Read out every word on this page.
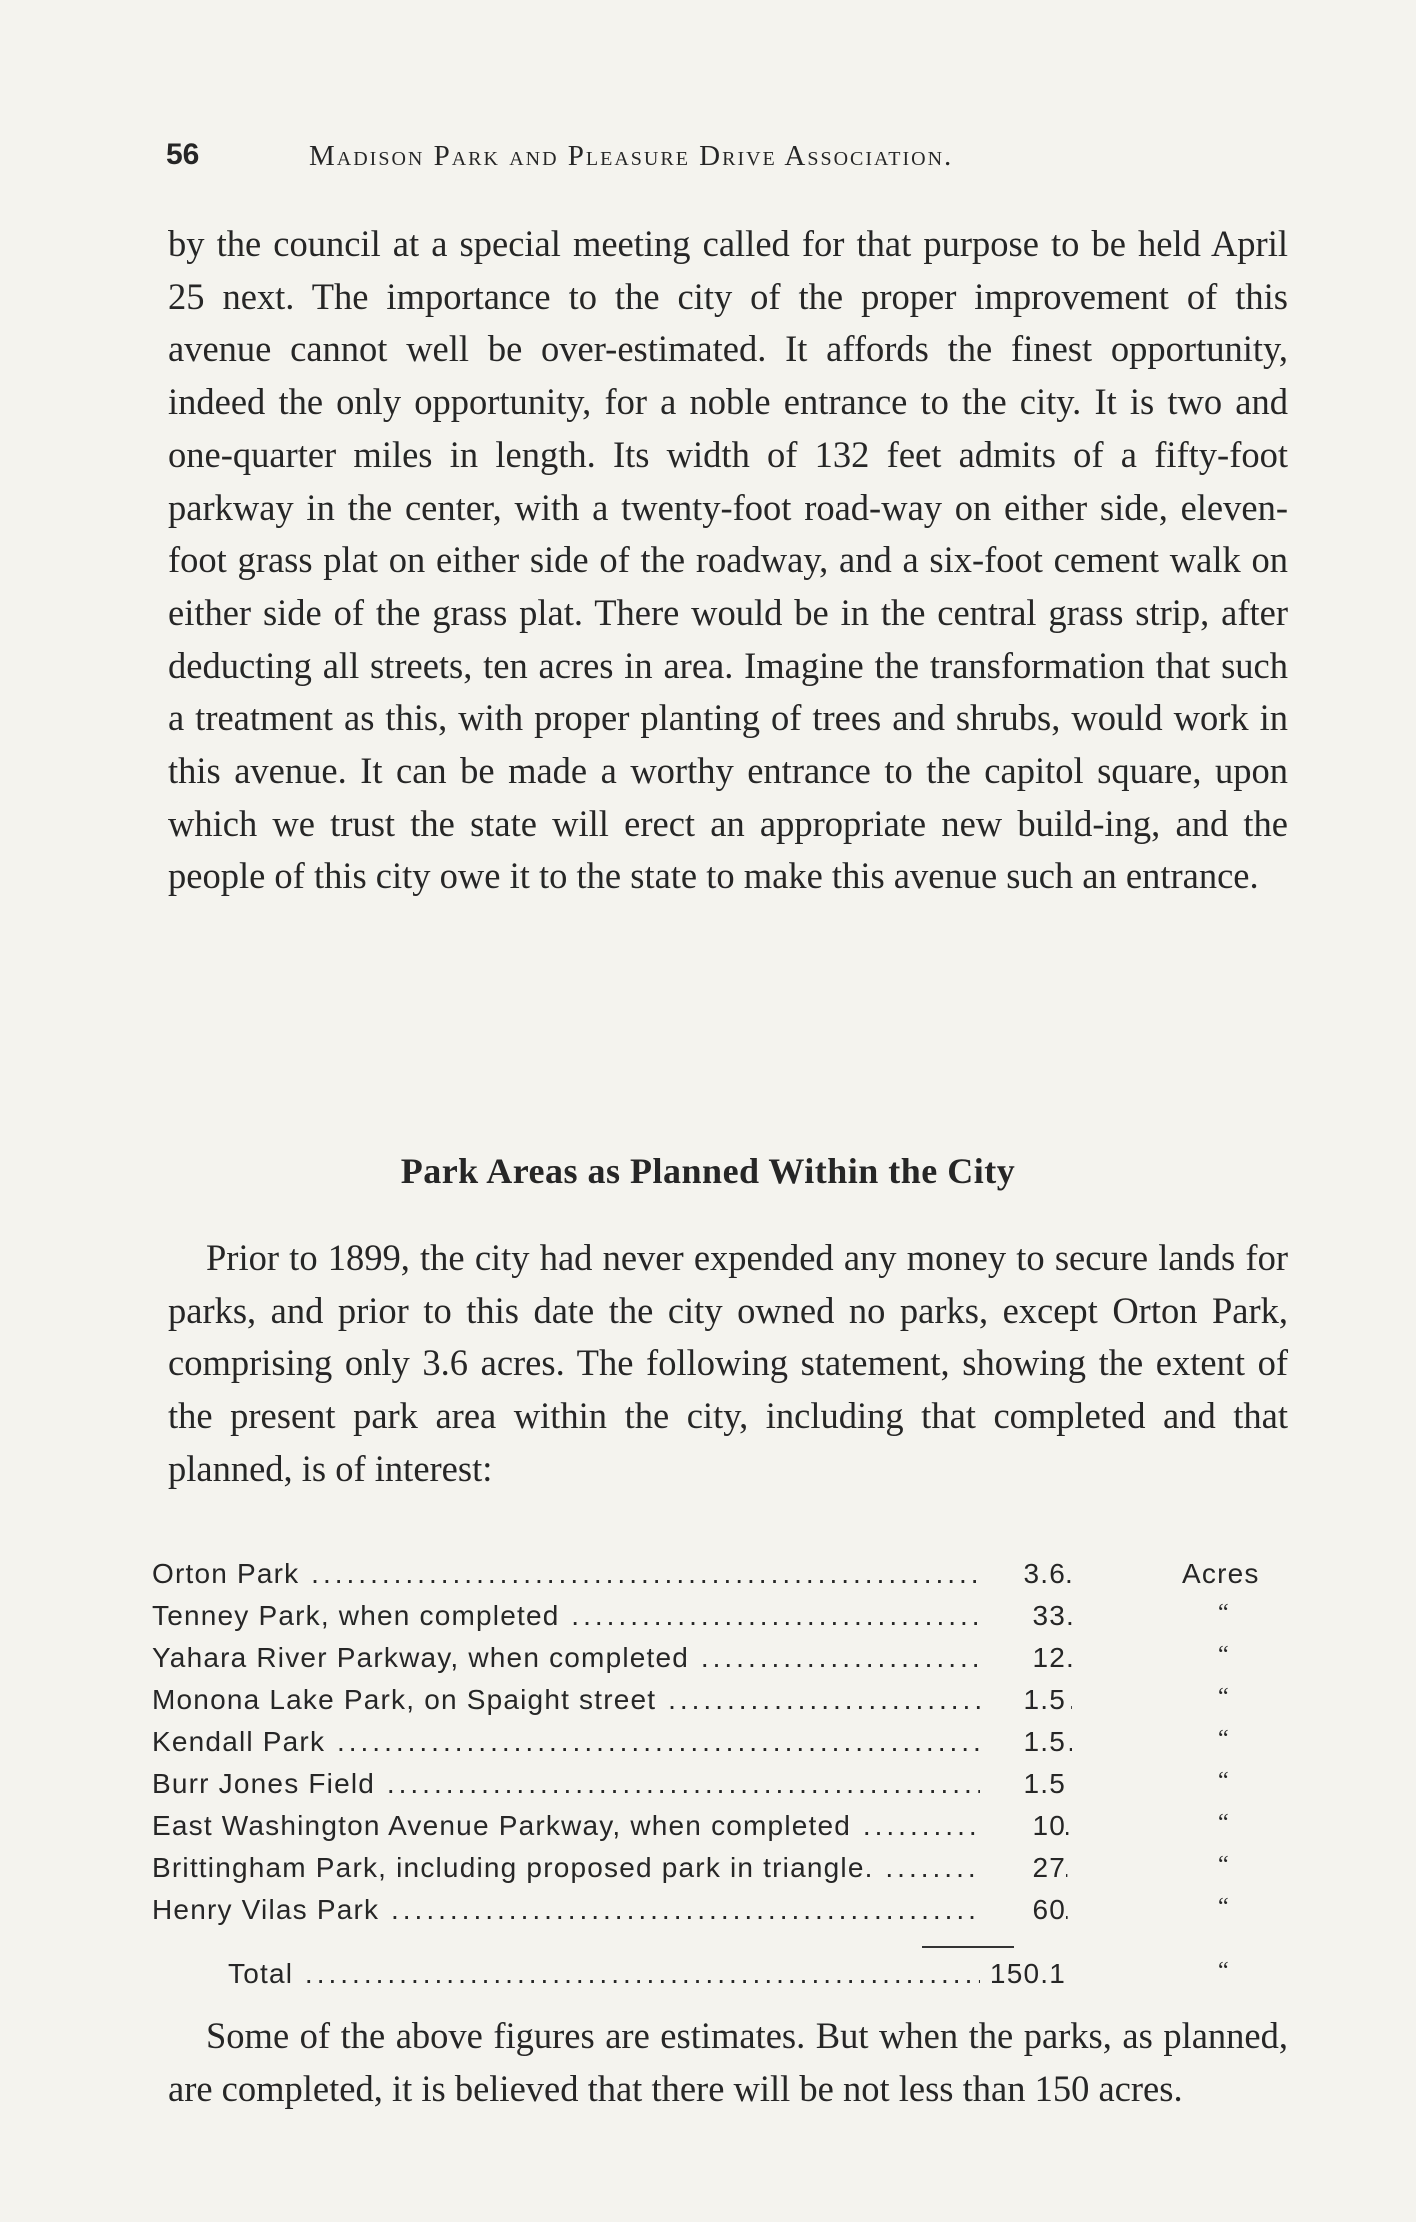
56	Madison Park and Pleasure Drive Association.
by the council at a special meeting called for that purpose to be held April 25 next. The importance to the city of the proper improvement of this avenue cannot well be over-estimated. It affords the finest opportunity, indeed the only opportunity, for a noble entrance to the city. It is two and one-quarter miles in length. Its width of 132 feet admits of a fifty-foot parkway in the center, with a twenty-foot road-way on either side, eleven-foot grass plat on either side of the roadway, and a six-foot cement walk on either side of the grass plat. There would be in the central grass strip, after deducting all streets, ten acres in area. Imagine the transformation that such a treatment as this, with proper planting of trees and shrubs, would work in this avenue. It can be made a worthy entrance to the capitol square, upon which we trust the state will erect an appropriate new build-ing, and the people of this city owe it to the state to make this avenue such an entrance.
Park Areas as Planned Within the City
Prior to 1899, the city had never expended any money to secure lands for parks, and prior to this date the city owned no parks, except Orton Park, comprising only 3.6 acres. The following statement, showing the extent of the present park area within the city, including that completed and that planned, is of interest:
Orton Park .....	3.6	Acres
Tenney Park, when completed .....	33	“
Yahara River Parkway, when completed .....	12	“
Monona Lake Park, on Spaight street .....	1.5	“
Kendall Park .....	1.5	“
Burr Jones Field .....	1.5	“
East Washington Avenue Parkway, when completed .....	10	“
Brittingham Park, including proposed park in triangle. .....	27	“
Henry Vilas Park .....	60	“
Total .....	150.1	“
Some of the above figures are estimates. But when the parks, as planned, are completed, it is believed that there will be not less than 150 acres.
